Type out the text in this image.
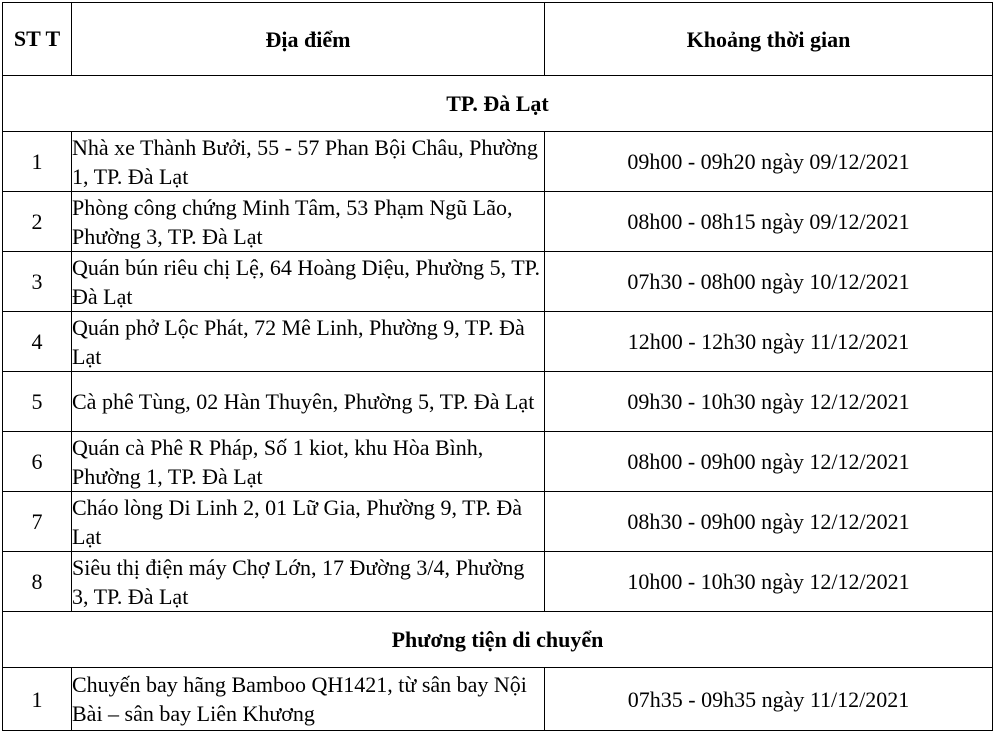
ST T	Địa điểm	Khoảng thời gian
TP. Đà Lạt		
1	Nhà xe Thành Bưởi, 55 - 57 Phan Bội Châu, Phường 1, TP. Đà Lạt	09h00 - 09h20 ngày 09/12/2021
2	Phòng công chứng Minh Tâm, 53 Phạm Ngũ Lão, Phường 3, TP. Đà Lạt	08h00 - 08h15 ngày 09/12/2021
3	Quán bún riêu chị Lệ, 64 Hoàng Diệu, Phường 5, TP. Đà Lạt	07h30 - 08h00 ngày 10/12/2021
4	Quán phở Lộc Phát, 72 Mê Linh, Phường 9, TP. Đà Lạt	12h00 - 12h30 ngày 11/12/2021
5	Cà phê Tùng, 02 Hàn Thuyên, Phường 5, TP. Đà Lạt	09h30 - 10h30 ngày 12/12/2021
6	Quán cà Phê R Pháp, Số 1 kiot, khu Hòa Bình, Phường 1, TP. Đà Lạt	08h00 - 09h00 ngày 12/12/2021
7	Cháo lòng Di Linh 2, 01 Lữ Gia, Phường 9, TP. Đà Lạt	08h30 - 09h00 ngày 12/12/2021
8	Siêu thị điện máy Chợ Lớn, 17 Đường 3/4, Phường 3, TP. Đà Lạt	10h00 - 10h30 ngày 12/12/2021
Phương tiện di chuyển		
1	Chuyến bay hãng Bamboo QH1421, từ sân bay Nội Bài – sân bay Liên Khương	07h35 - 09h35 ngày 11/12/2021
